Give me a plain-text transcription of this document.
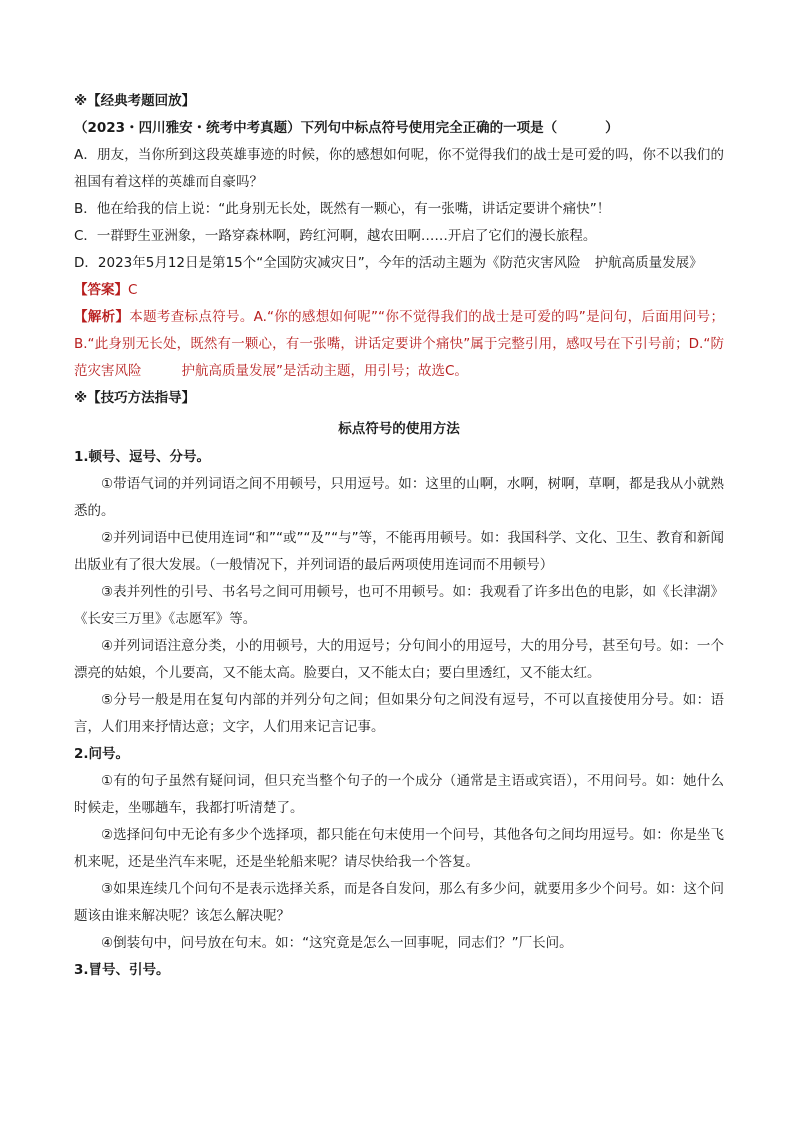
※【经典考题回放】
（2023・四川雅安・统考中考真题）下列句中标点符号使用完全正确的一项是（	）
A．朋友，当你所到这段英雄事迹的时候，你的感想如何呢，你不觉得我们的战士是可爱的吗，你不以我们的祖国有着这样的英雄而自豪吗？
B．他在给我的信上说：“此身别无长处，既然有一颗心，有一张嘴，讲话定要讲个痛快”！
C．一群野生亚洲象，一路穿森林啊，跨红河啊，越农田啊……开启了它们的漫长旅程。
D．2023年5月12日是第15个“全国防灾减灾日”，今年的活动主题为《防范灾害风险 护航高质量发展》
【答案】C
【解析】本题考查标点符号。A.“你的感想如何呢”“你不觉得我们的战士是可爱的吗”是问句，后面用问号；B.“此身别无长处，既然有一颗心，有一张嘴，讲话定要讲个痛快”属于完整引用，感叹号在下引号前；D.“防范灾害风险	护航高质量发展”是活动主题，用引号；故选C。
※【技巧方法指导】
标点符号的使用方法
1.顿号、逗号、分号。
①带语气词的并列词语之间不用顿号，只用逗号。如：这里的山啊，水啊，树啊，草啊，都是我从小就熟悉的。
②并列词语中已使用连词“和”“或”“及”“与”等，不能再用顿号。如：我国科学、文化、卫生、教育和新闻出版业有了很大发展。（一般情况下，并列词语的最后两项使用连词而不用顿号）
③表并列性的引号、书名号之间可用顿号，也可不用顿号。如：我观看了许多出色的电影，如《长津湖》《长安三万里》《志愿军》等。
④并列词语注意分类，小的用顿号，大的用逗号；分句间小的用逗号，大的用分号，甚至句号。如：一个漂亮的姑娘，个儿要高，又不能太高。脸要白，又不能太白；要白里透红，又不能太红。
⑤分号一般是用在复句内部的并列分句之间；但如果分句之间没有逗号，不可以直接使用分号。如：语言，人们用来抒情达意；文字，人们用来记言记事。
2.问号。
①有的句子虽然有疑问词，但只充当整个句子的一个成分（通常是主语或宾语），不用问号。如：她什么时候走，坐哪趟车，我都打听清楚了。
②选择问句中无论有多少个选择项，都只能在句末使用一个问号，其他各句之间均用逗号。如：你是坐飞机来呢，还是坐汽车来呢，还是坐轮船来呢？请尽快给我一个答复。
③如果连续几个问句不是表示选择关系，而是各自发问，那么有多少问，就要用多少个问号。如：这个问题该由谁来解决呢？该怎么解决呢？
④倒装句中，问号放在句末。如：“这究竟是怎么一回事呢，同志们？”厂长问。
3.冒号、引号。
